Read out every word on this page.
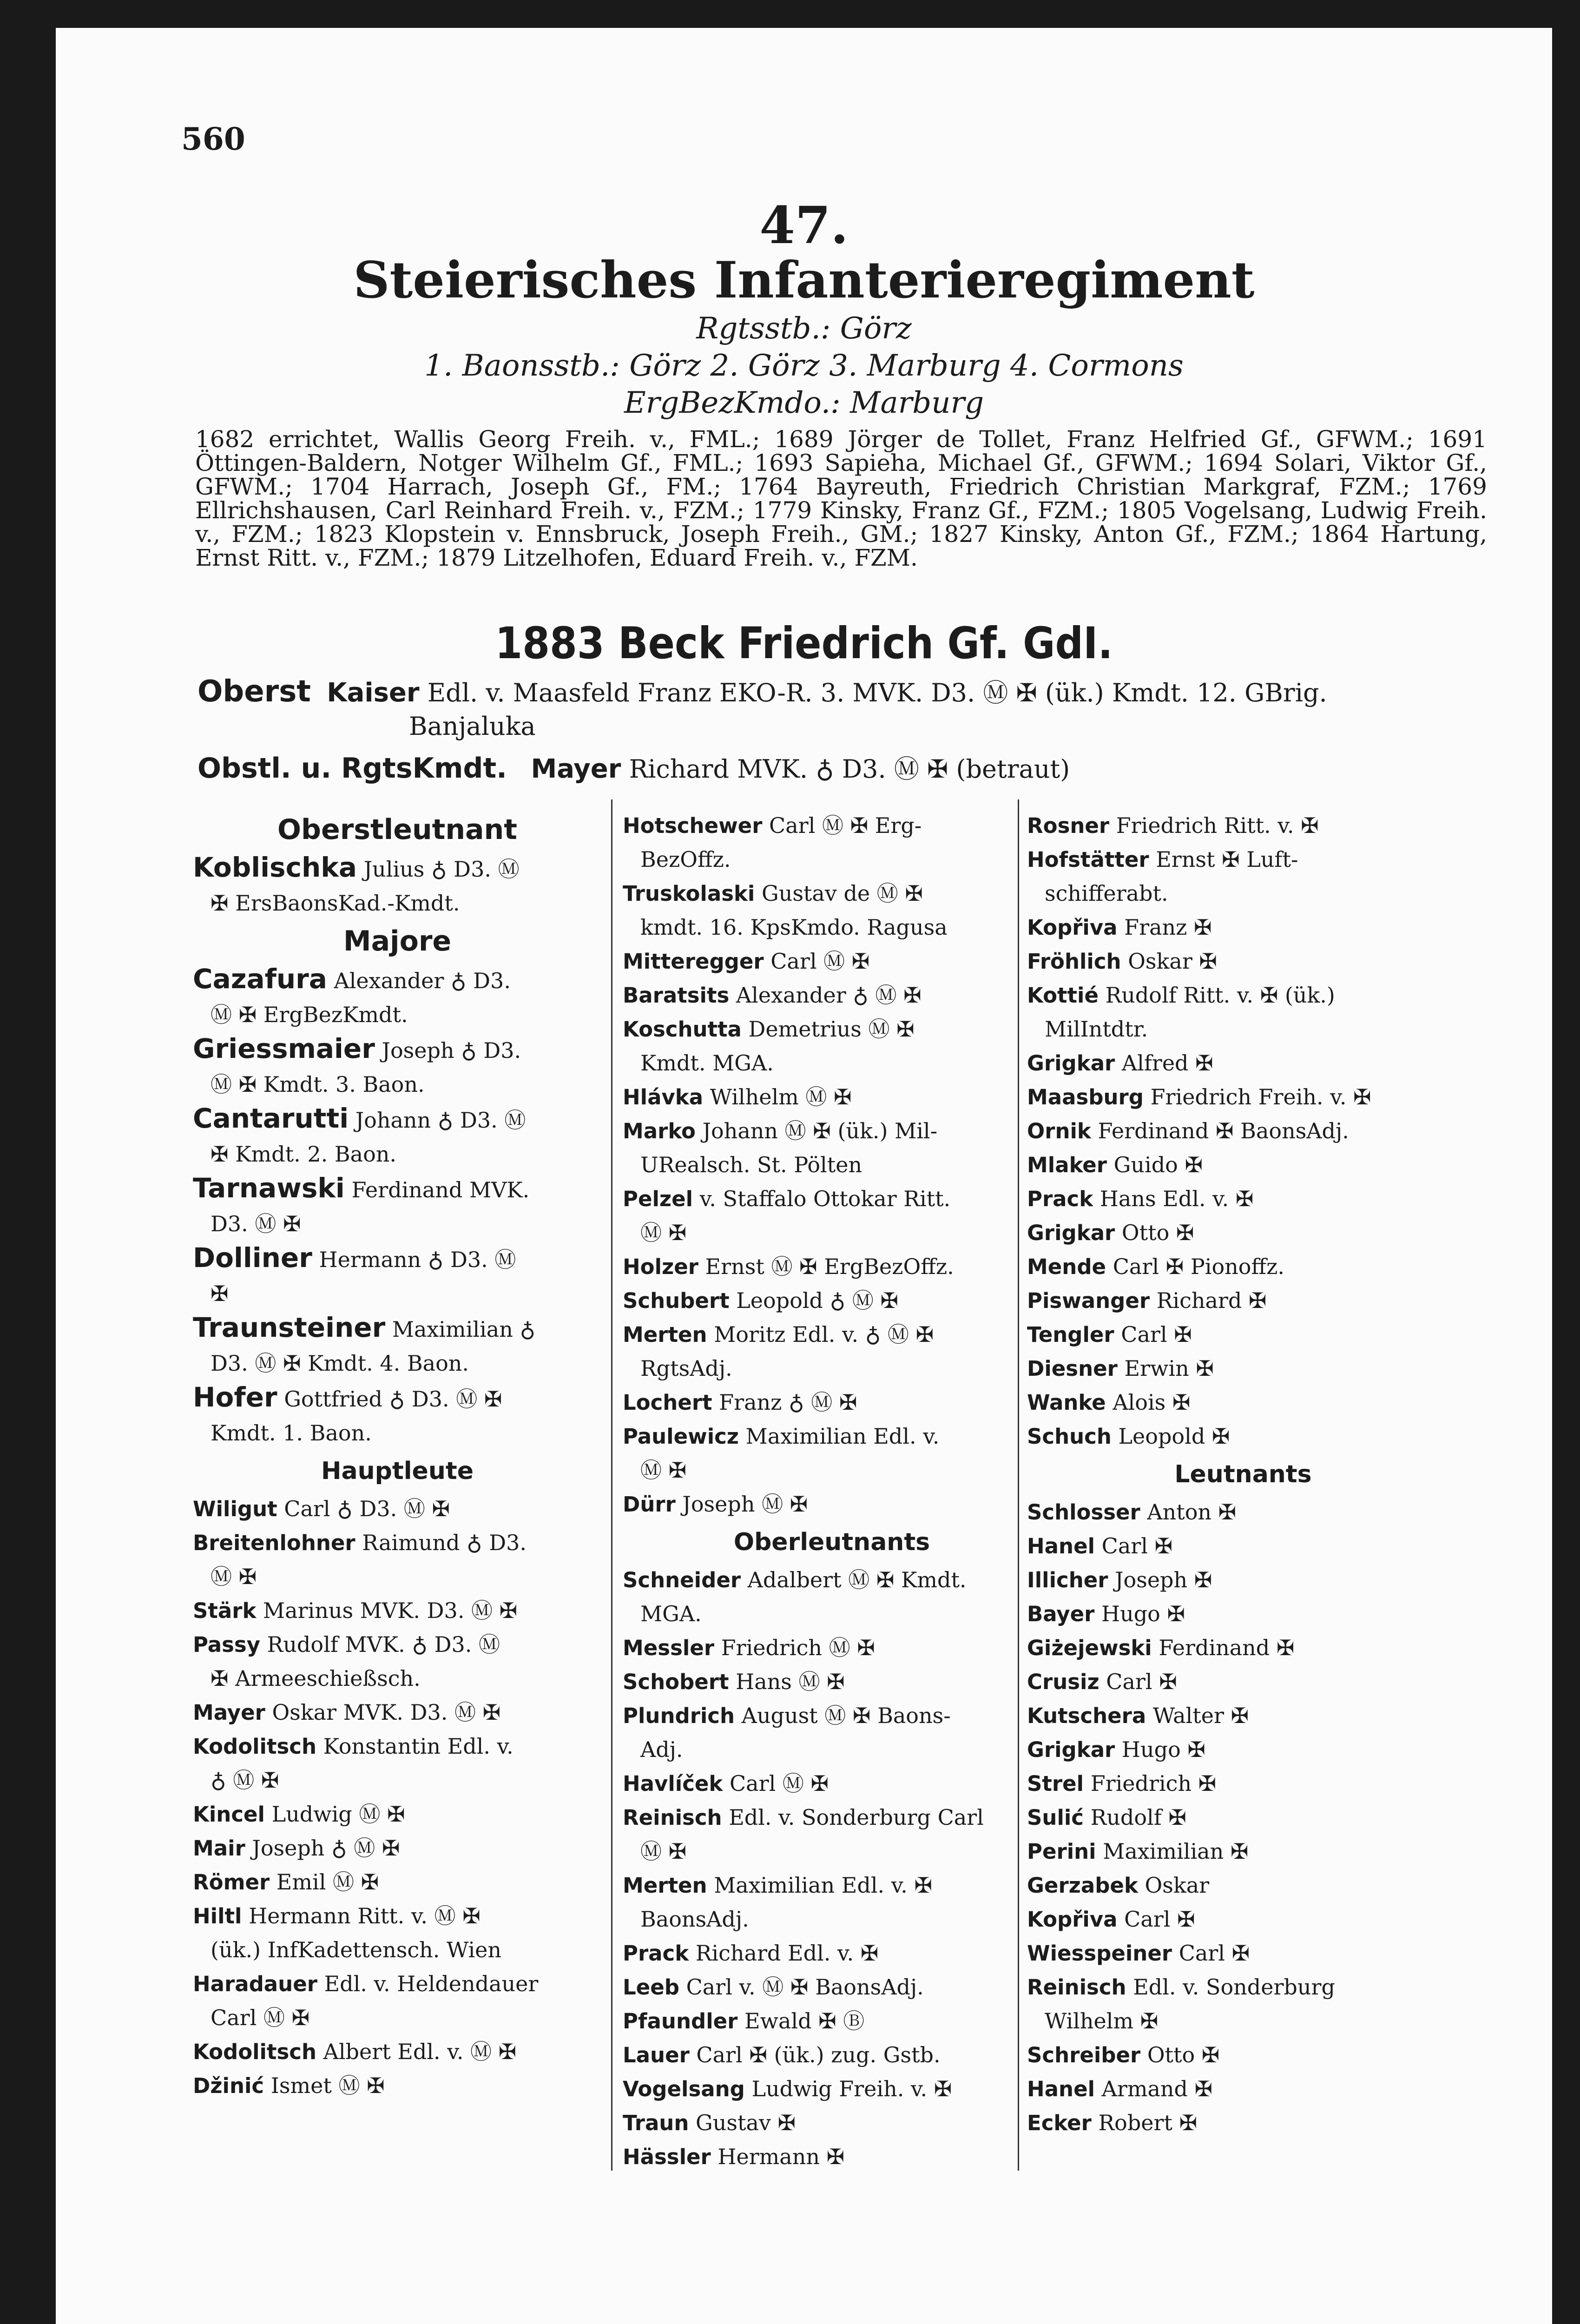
560
47.
Steierisches Infanterieregiment
Rgtsstb.: Görz
1. Baonsstb.: Görz 2. Görz 3. Marburg 4. Cormons
ErgBezKmdo.: Marburg
1682 errichtet, Wallis Georg Freih. v., FML.; 1689 Jörger de Tollet, Franz Helfried Gf., GFWM.; 1691 Öttingen-Baldern, Notger Wilhelm Gf., FML.; 1693 Sapieha, Michael Gf., GFWM.; 1694 Solari, Viktor Gf., GFWM.; 1704 Harrach, Joseph Gf., FM.; 1764 Bayreuth, Friedrich Christian Markgraf, FZM.; 1769 Ellrichshausen, Carl Reinhard Freih. v., FZM.; 1779 Kinsky, Franz Gf., FZM.; 1805 Vogelsang, Ludwig Freih. v., FZM.; 1823 Klopstein v. Ennsbruck, Joseph Freih., GM.; 1827 Kinsky, Anton Gf., FZM.; 1864 Hartung, Ernst Ritt. v., FZM.; 1879 Litzelhofen, Eduard Freih. v., FZM.
1883 Beck Friedrich Gf. GdI.
Oberst Kaiser Edl. v. Maasfeld Franz EKO-R. 3. MVK. D3. Ⓜ ✠ (ük.) Kmdt. 12. GBrig.
Banjaluka
Obstl. u. RgtsKmdt. Mayer Richard MVK. ♁ D3. Ⓜ ✠ (betraut)
Oberstleutnant
Koblischka Julius ♁ D3. Ⓜ
✠ ErsBaonsKad.-Kmdt.
Majore
Cazafura Alexander ♁ D3.
Ⓜ ✠ ErgBezKmdt.
Griessmaier Joseph ♁ D3.
Ⓜ ✠ Kmdt. 3. Baon.
Cantarutti Johann ♁ D3. Ⓜ
✠ Kmdt. 2. Baon.
Tarnawski Ferdinand MVK.
D3. Ⓜ ✠
Dolliner Hermann ♁ D3. Ⓜ
✠
Traunsteiner Maximilian ♁
D3. Ⓜ ✠ Kmdt. 4. Baon.
Hofer Gottfried ♁ D3. Ⓜ ✠
Kmdt. 1. Baon.
Hauptleute
Wiligut Carl ♁ D3. Ⓜ ✠
Breitenlohner Raimund ♁ D3.
Ⓜ ✠
Stärk Marinus MVK. D3. Ⓜ ✠
Passy Rudolf MVK. ♁ D3. Ⓜ
✠ Armeeschießsch.
Mayer Oskar MVK. D3. Ⓜ ✠
Kodolitsch Konstantin Edl. v.
♁ Ⓜ ✠
Kincel Ludwig Ⓜ ✠
Mair Joseph ♁ Ⓜ ✠
Römer Emil Ⓜ ✠
Hiltl Hermann Ritt. v. Ⓜ ✠
(ük.) InfKadettensch. Wien
Haradauer Edl. v. Heldendauer
Carl Ⓜ ✠
Kodolitsch Albert Edl. v. Ⓜ ✠
Džinić Ismet Ⓜ ✠
Hotschewer Carl Ⓜ ✠ Erg-
BezOffz.
Truskolaski Gustav de Ⓜ ✠
kmdt. 16. KpsKmdo. Ragusa
Mitteregger Carl Ⓜ ✠
Baratsits Alexander ♁ Ⓜ ✠
Koschutta Demetrius Ⓜ ✠
Kmdt. MGA.
Hlávka Wilhelm Ⓜ ✠
Marko Johann Ⓜ ✠ (ük.) Mil-
URealsch. St. Pölten
Pelzel v. Staffalo Ottokar Ritt.
Ⓜ ✠
Holzer Ernst Ⓜ ✠ ErgBezOffz.
Schubert Leopold ♁ Ⓜ ✠
Merten Moritz Edl. v. ♁ Ⓜ ✠
RgtsAdj.
Lochert Franz ♁ Ⓜ ✠
Paulewicz Maximilian Edl. v.
Ⓜ ✠
Dürr Joseph Ⓜ ✠
Oberleutnants
Schneider Adalbert Ⓜ ✠ Kmdt.
MGA.
Messler Friedrich Ⓜ ✠
Schobert Hans Ⓜ ✠
Plundrich August Ⓜ ✠ Baons-
Adj.
Havlíček Carl Ⓜ ✠
Reinisch Edl. v. Sonderburg Carl
Ⓜ ✠
Merten Maximilian Edl. v. ✠
BaonsAdj.
Prack Richard Edl. v. ✠
Leeb Carl v. Ⓜ ✠ BaonsAdj.
Pfaundler Ewald ✠ Ⓑ
Lauer Carl ✠ (ük.) zug. Gstb.
Vogelsang Ludwig Freih. v. ✠
Traun Gustav ✠
Hässler Hermann ✠
Rosner Friedrich Ritt. v. ✠
Hofstätter Ernst ✠ Luft-
schifferabt.
Kopřiva Franz ✠
Fröhlich Oskar ✠
Kottié Rudolf Ritt. v. ✠ (ük.)
MilIntdtr.
Grigkar Alfred ✠
Maasburg Friedrich Freih. v. ✠
Ornik Ferdinand ✠ BaonsAdj.
Mlaker Guido ✠
Prack Hans Edl. v. ✠
Grigkar Otto ✠
Mende Carl ✠ Pionoffz.
Piswanger Richard ✠
Tengler Carl ✠
Diesner Erwin ✠
Wanke Alois ✠
Schuch Leopold ✠
Leutnants
Schlosser Anton ✠
Hanel Carl ✠
Illicher Joseph ✠
Bayer Hugo ✠
Giżejewski Ferdinand ✠
Crusiz Carl ✠
Kutschera Walter ✠
Grigkar Hugo ✠
Strel Friedrich ✠
Sulić Rudolf ✠
Perini Maximilian ✠
Gerzabek Oskar
Kopřiva Carl ✠
Wiesspeiner Carl ✠
Reinisch Edl. v. Sonderburg
Wilhelm ✠
Schreiber Otto ✠
Hanel Armand ✠
Ecker Robert ✠
